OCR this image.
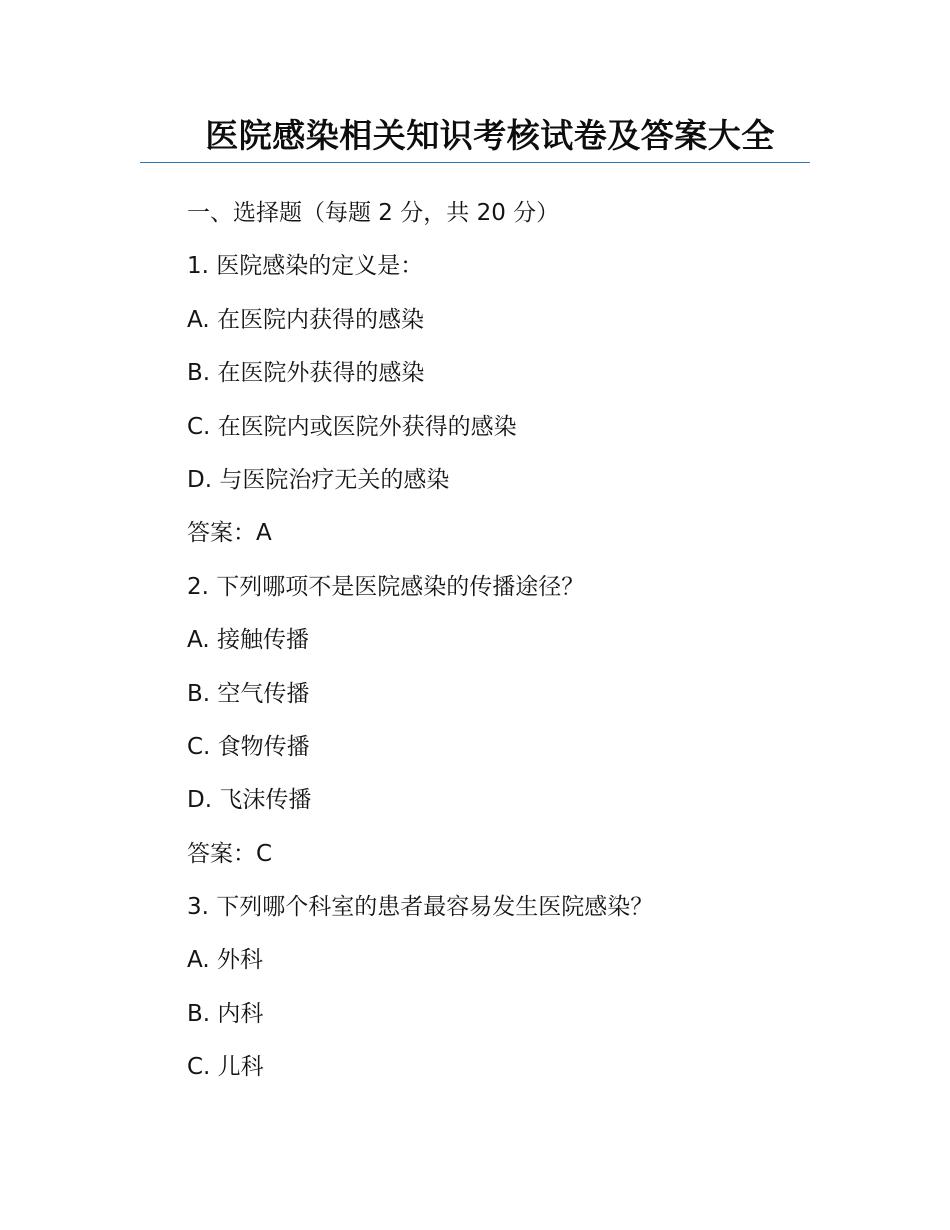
医院感染相关知识考核试卷及答案大全
一、选择题（每题 2 分，共 20 分）
1. 医院感染的定义是：
A. 在医院内获得的感染
B. 在医院外获得的感染
C. 在医院内或医院外获得的感染
D. 与医院治疗无关的感染
答案：A
2. 下列哪项不是医院感染的传播途径？
A. 接触传播
B. 空气传播
C. 食物传播
D. 飞沫传播
答案：C
3. 下列哪个科室的患者最容易发生医院感染？
A. 外科
B. 内科
C. 儿科
